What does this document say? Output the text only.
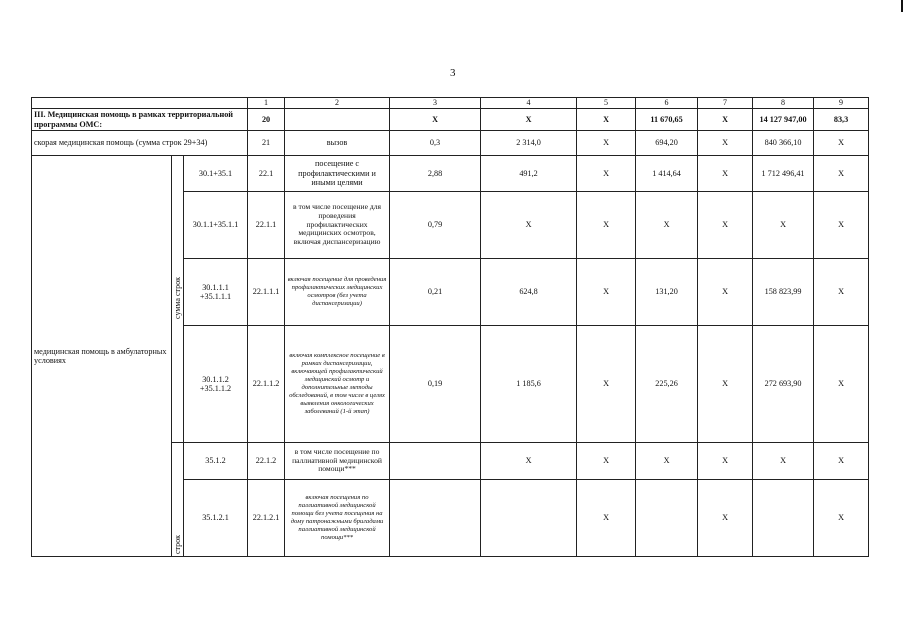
3
			1	2	3	4	5	6	7	8	9
III. Медицинская помощь в рамках территориальной программы ОМС:			20		X	X	X	11 670,65	X	14 127 947,00	83,3
скорая медицинская помощь (сумма строк 29+34)			21	вызов	0,3	2 314,0	X	694,20	X	840 366,10	X
медицинская помощь в амбулаторных условиях	сумма строк	30.1+35.1	22.1	посещение с профилактическими и иными целями	2,88	491,2	X	1 414,64	X	1 712 496,41	X
		30.1.1+35.1.1	22.1.1	в том числе посещение для проведения профилактических медицинских осмотров, включая диспансеризацию	0,79	X	X	X	X	X	X
		30.1.1.1 +35.1.1.1	22.1.1.1	включая посещение для проведения профилактических медицинских осмотров (без учета диспансеризации)	0,21	624,8	X	131,20	X	158 823,99	X
		30.1.1.2 +35.1.1.2	22.1.1.2	включая комплексное посещение в рамках диспансеризации, включающей профилактический медицинский осмотр и дополнительные методы обследований, в том числе в целях выявления онкологических заболеваний (1-й этап)	0,19	1 185,6	X	225,26	X	272 693,90	X
	строк	35.1.2	22.1.2	в том числе посещение по паллиативной медицинской помощи***		X	X	X	X	X	X
		35.1.2.1	22.1.2.1	включая посещения по паллиативной медицинской помощи без учета посещения на дому патронажными бригадами паллиативной медицинской помощи***			X		X		X
